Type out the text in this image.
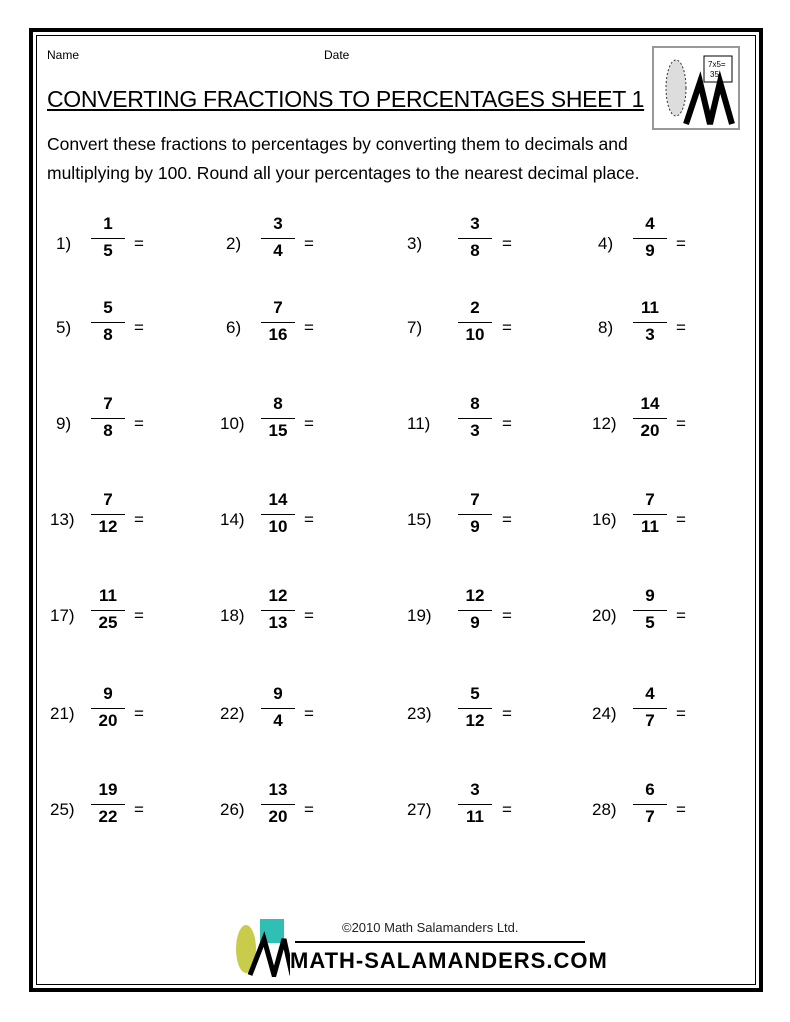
Name	Date
CONVERTING FRACTIONS TO PERCENTAGES SHEET 1
Convert these fractions to percentages by converting them to decimals and multiplying by 100. Round all your percentages to the nearest decimal place.
7x5=
35
1)
1
5	=	2)
3
4	=	3)
3
8	=	4)
4
9	=
5)
5
8	=	6)
7
16 =	7)
2
10	=	8)
11
3	=
9)
7
8	=	10)
8
15 =	11)
8
3	=	12)
14
20 =
13)
7
12 =	14)
14
10 =	15)
7
9	=	16)
7
11	=
17)
11
25 =	18)
12
13 =	19)
12
9	=	20)
9
5	=
21)
9
20 =	22)
9
4	=	23)
5
12	=	24)
4
7	=
25)
19
22 =	26)
13
20 =	27)
3
11	=	28)
6
7	=
©2010 Math Salamanders Ltd.
MATH-SALAMANDERS.COM
